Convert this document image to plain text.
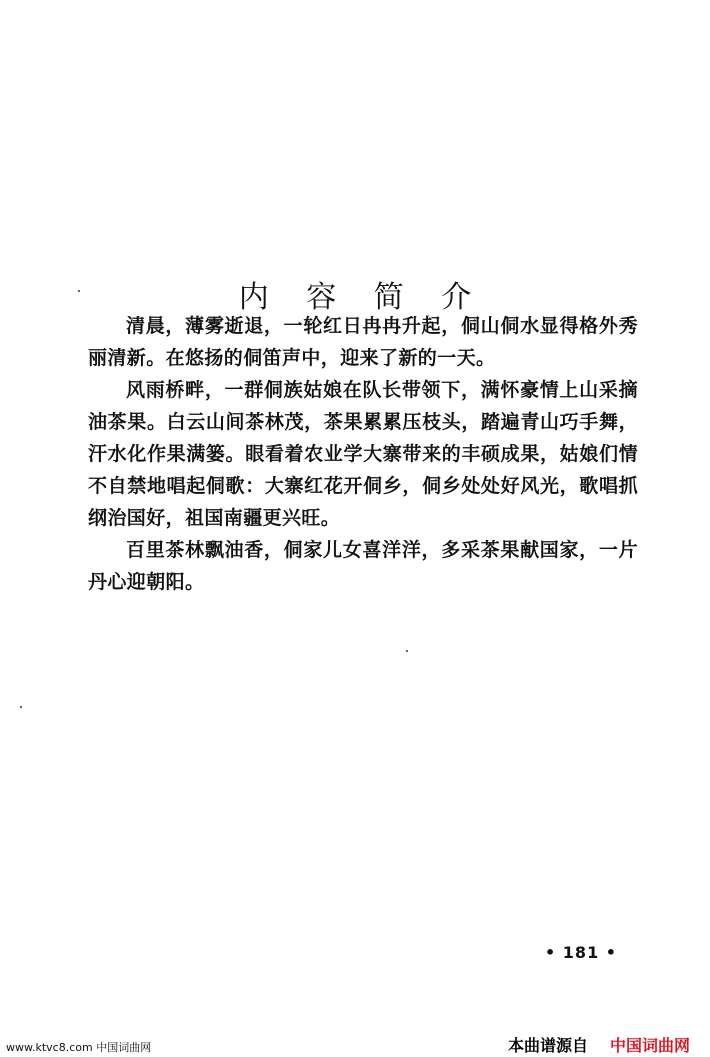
内 容 简 介

清晨，薄雾逝退，一轮红日冉冉升起，侗山侗水显得格外秀丽清新。在悠扬的侗笛声中，迎来了新的一天。

风雨桥畔，一群侗族姑娘在队长带领下，满怀豪情上山采摘油茶果。白云山间茶林茂，茶果累累压枝头，踏遍青山巧手舞，汗水化作果满篓。眼看着农业学大寨带来的丰硕成果，姑娘们情不自禁地唱起侗歌：大寨红花开侗乡，侗乡处处好风光，歌唱抓纲治国好，祖国南疆更兴旺。

百里茶林飘油香，侗家儿女喜洋洋，多采茶果献国家，一片丹心迎朝阳。

• 181 •
www.ktvc8.com 中国词曲网	本曲谱源自 中国词曲网
